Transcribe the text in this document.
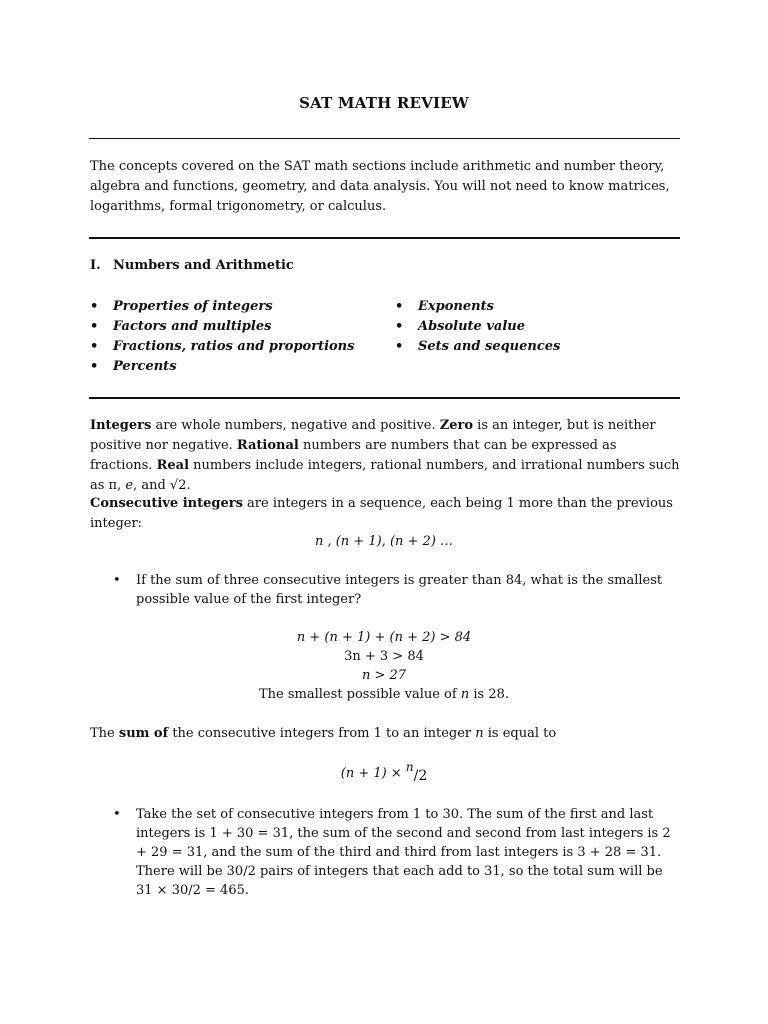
SAT MATH REVIEW
The concepts covered on the SAT math sections include arithmetic and number theory, algebra and functions, geometry, and data analysis. You will not need to know matrices, logarithms, formal trigonometry, or calculus.
I. Numbers and Arithmetic
• Properties of integers
• Factors and multiples
• Fractions, ratios and proportions
• Percents
• Exponents
• Absolute value
• Sets and sequences
Integers are whole numbers, negative and positive. Zero is an integer, but is neither positive nor negative. Rational numbers are numbers that can be expressed as fractions. Real numbers include integers, rational numbers, and irrational numbers such as π, e, and √2.
Consecutive integers are integers in a sequence, each being 1 more than the previous integer:
n , (n + 1), (n + 2) …
• If the sum of three consecutive integers is greater than 84, what is the smallest possible value of the first integer?
n + (n + 1) + (n + 2) > 84
3n + 3 > 84
n > 27
The smallest possible value of n is 28.
The sum of the consecutive integers from 1 to an integer n is equal to
(n + 1) × n/2
• Take the set of consecutive integers from 1 to 30. The sum of the first and last integers is 1 + 30 = 31, the sum of the second and second from last integers is 2 + 29 = 31, and the sum of the third and third from last integers is 3 + 28 = 31. There will be 30/2 pairs of integers that each add to 31, so the total sum will be 31 × 30/2 = 465.
